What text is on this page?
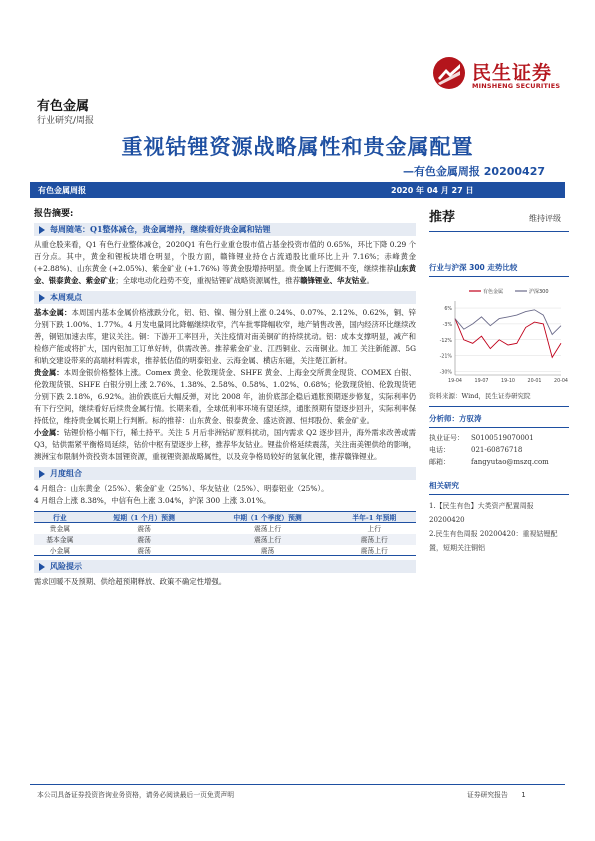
民生证券
MINSHENG SECURITIES
有色金属
行业研究/周报
重视钴锂资源战略属性和贵金属配置
—有色金属周报 20200427
有色金属周报	2020 年 04 月 27 日
报告摘要:
每周随笔：Q1整体减仓，贵金属增持，继续看好贵金属和钴锂

从重仓股来看，Q1 有色行业整体减仓，2020Q1 有色行业重仓股市值占基金投资市值的 0.65%，环比下降 0.29 个百分点。其中，黄金和锂板块增仓明显，个股方面，赣锋锂业持仓占流通股比重环比上升 7.16%；赤峰黄金 (+2.88%)、山东黄金 (+2.05%)、紫金矿业 (+1.76%) 等黄金股增持明显。贵金属上行逻辑不变，继续推荐山东黄金、银泰黄金、紫金矿业；全球电动化趋势不变，重视钴锂矿战略资源属性，推荐赣锋锂业、华友钴业。

本周观点

基本金属：本周国内基本金属价格涨跌分化，铝、铅、镍、锡分别上涨 0.24%、0.07%、2.12%、0.62%，铜、锌分别下跌 1.00%、1.77%。4 月发电量同比降幅继续收窄，汽车批零降幅收窄，地产销售改善，国内经济环比继续改善，铜铝加速去库，建议关注。铜：下游开工率回升，关注疫情对南美铜矿的持续扰动。铝：成本支撑明显，减产和检修产能或将扩大，国内铝加工订单好转，供需改善。推荐紫金矿业、江西铜业、云南铜业。加工 关注新能源、5G 和轨交建设带来的高端材料需求，推荐低估值的明泰铝业、云海金属、横店东磁，关注楚江新材。

贵金属：本周金银价格整体上涨。Comex 黄金、伦敦现货金、SHFE 黄金、上海金交所黄金现货、COMEX 白银、伦敦现货银、SHFE 白银分别上涨 2.76%、1.38%、2.58%、0.58%、1.02%、0.68%；伦敦现货铂、伦敦现货钯分别下跌 2.18%，6.92%。油价跌底后大幅反弹，对比 2008 年，油价底部企稳后通胀预期逐步修复，实际利率仍有下行空间，继续看好后续贵金属行情。长期来看，全球低利率环境有望延续，通胀预期有望逐步回升，实际利率保持低位，维持贵金属长期上行判断。标的推荐：山东黄金、银泰黄金、盛达资源、恒邦股份、紫金矿业。

小金属：钴锂价格小幅下行，稀土持平。关注 5 月后非洲钴矿原料扰动，国内需求 Q2 逐步回升，海外需求改善或需 Q3，钴供需紧平衡格局延续，钴价中枢有望逐步上移，推荐华友钴业。锂盐价格延续震荡，关注南美锂供给的影响，澳洲宝布限制外资投资本国锂资源，重视锂资源战略属性，以及竞争格局较好的氢氧化锂，推荐赣锋锂业。

月度组合

4 月组合：山东黄金（25%）、紫金矿业（25%）、华友钴业（25%）、明泰铝业（25%）。
4 月组合上涨 8.38%，中信有色上涨 3.04%，沪深 300 上涨 3.01%。

行业	短期（1 个月）预测	中期（1 个季度）预测	半年-1 年预期
贵金属	震荡	震荡上行	上行
基本金属	震荡	震荡上行	震荡上行
小金属	震荡	震荡	震荡上行
风险提示

需求回暖不及预期、供给超预期释放、政策不确定性增强。

推荐	维持评级
行业与沪深 300 走势比较
6%
-3%
-12%
-21%
-30%
19-04	19-07	19-10	20-01	20-04
有色金属	沪深300
资料来源：Wind，民生证券研究院
分析师：方驭涛
执业证号：	S0100519070001
电话：	021-60876718
邮箱：	fangyutao@mszq.com
相关研究
1.【民生有色】大类资产配置周报 20200420
2.民生有色周报 20200420：重视钴锂配置，短期关注铜铝
本公司具备证券投资咨询业务资格，请务必阅读最后一页免责声明	证券研究报告　　1
